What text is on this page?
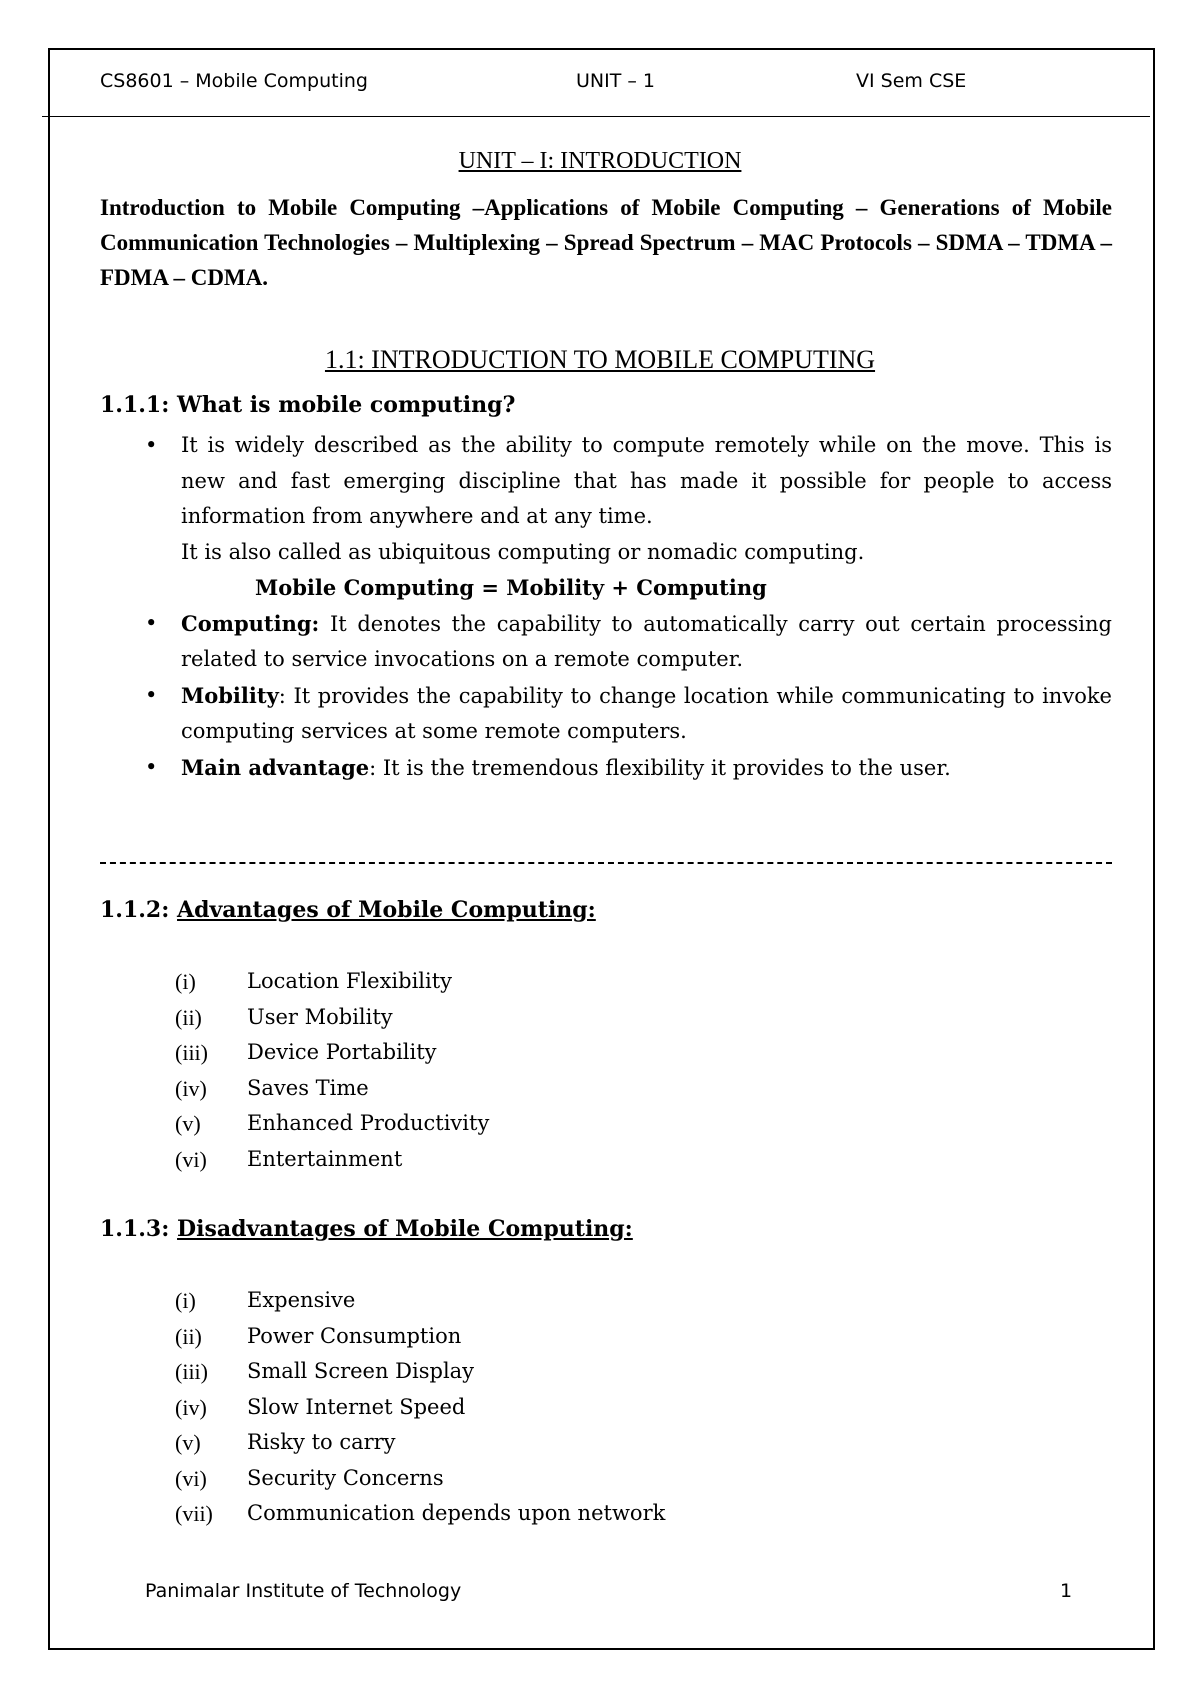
CS8601 – Mobile Computing	UNIT – 1	VI Sem CSE
UNIT – I: INTRODUCTION
Introduction to Mobile Computing –Applications of Mobile Computing – Generations of Mobile Communication Technologies – Multiplexing – Spread Spectrum – MAC Protocols – SDMA – TDMA – FDMA – CDMA.
1.1: INTRODUCTION TO MOBILE COMPUTING
1.1.1: What is mobile computing?
• It is widely described as the ability to compute remotely while on the move. This is new and fast emerging discipline that has made it possible for people to access information from anywhere and at any time.
It is also called as ubiquitous computing or nomadic computing.
Mobile Computing = Mobility + Computing
• Computing: It denotes the capability to automatically carry out certain processing related to service invocations on a remote computer.
• Mobility: It provides the capability to change location while communicating to invoke computing services at some remote computers.
• Main advantage: It is the tremendous flexibility it provides to the user.
1.1.2: Advantages of Mobile Computing:
(i)	Location Flexibility
(ii)	User Mobility
(iii)	Device Portability
(iv)	Saves Time
(v)	Enhanced Productivity
(vi)	Entertainment
1.1.3: Disadvantages of Mobile Computing:
(i)	Expensive
(ii)	Power Consumption
(iii)	Small Screen Display
(iv)	Slow Internet Speed
(v)	Risky to carry
(vi)	Security Concerns
(vii)	Communication depends upon network
Panimalar Institute of Technology	1
